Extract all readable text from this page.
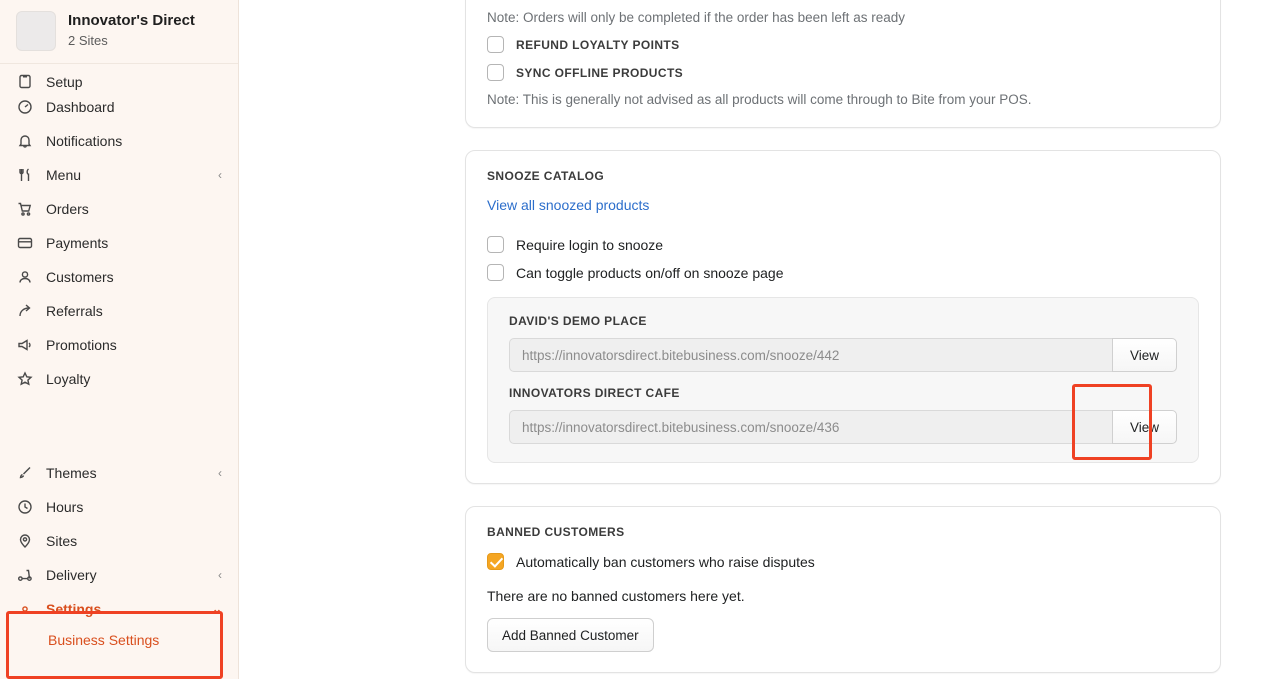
Innovator's Direct
2 Sites
Setup
Dashboard
Notifications
Menu	‹
Orders
Payments
Customers
Referrals
Promotions
Loyalty
Themes	‹
Hours
Sites
Delivery	‹
Settings	⌄
Business Settings
Note: Orders will only be completed if the order has been left as ready
REFUND LOYALTY POINTS
SYNC OFFLINE PRODUCTS
Note: This is generally not advised as all products will come through to Bite from your POS.
SNOOZE CATALOG
View all snoozed products
Require login to snooze
Can toggle products on/off on snooze page
DAVID'S DEMO PLACE
https://innovatorsdirect.bitebusiness.com/snooze/442
View
INNOVATORS DIRECT CAFE
https://innovatorsdirect.bitebusiness.com/snooze/436
View
BANNED CUSTOMERS
Automatically ban customers who raise disputes
There are no banned customers here yet.
Add Banned Customer
